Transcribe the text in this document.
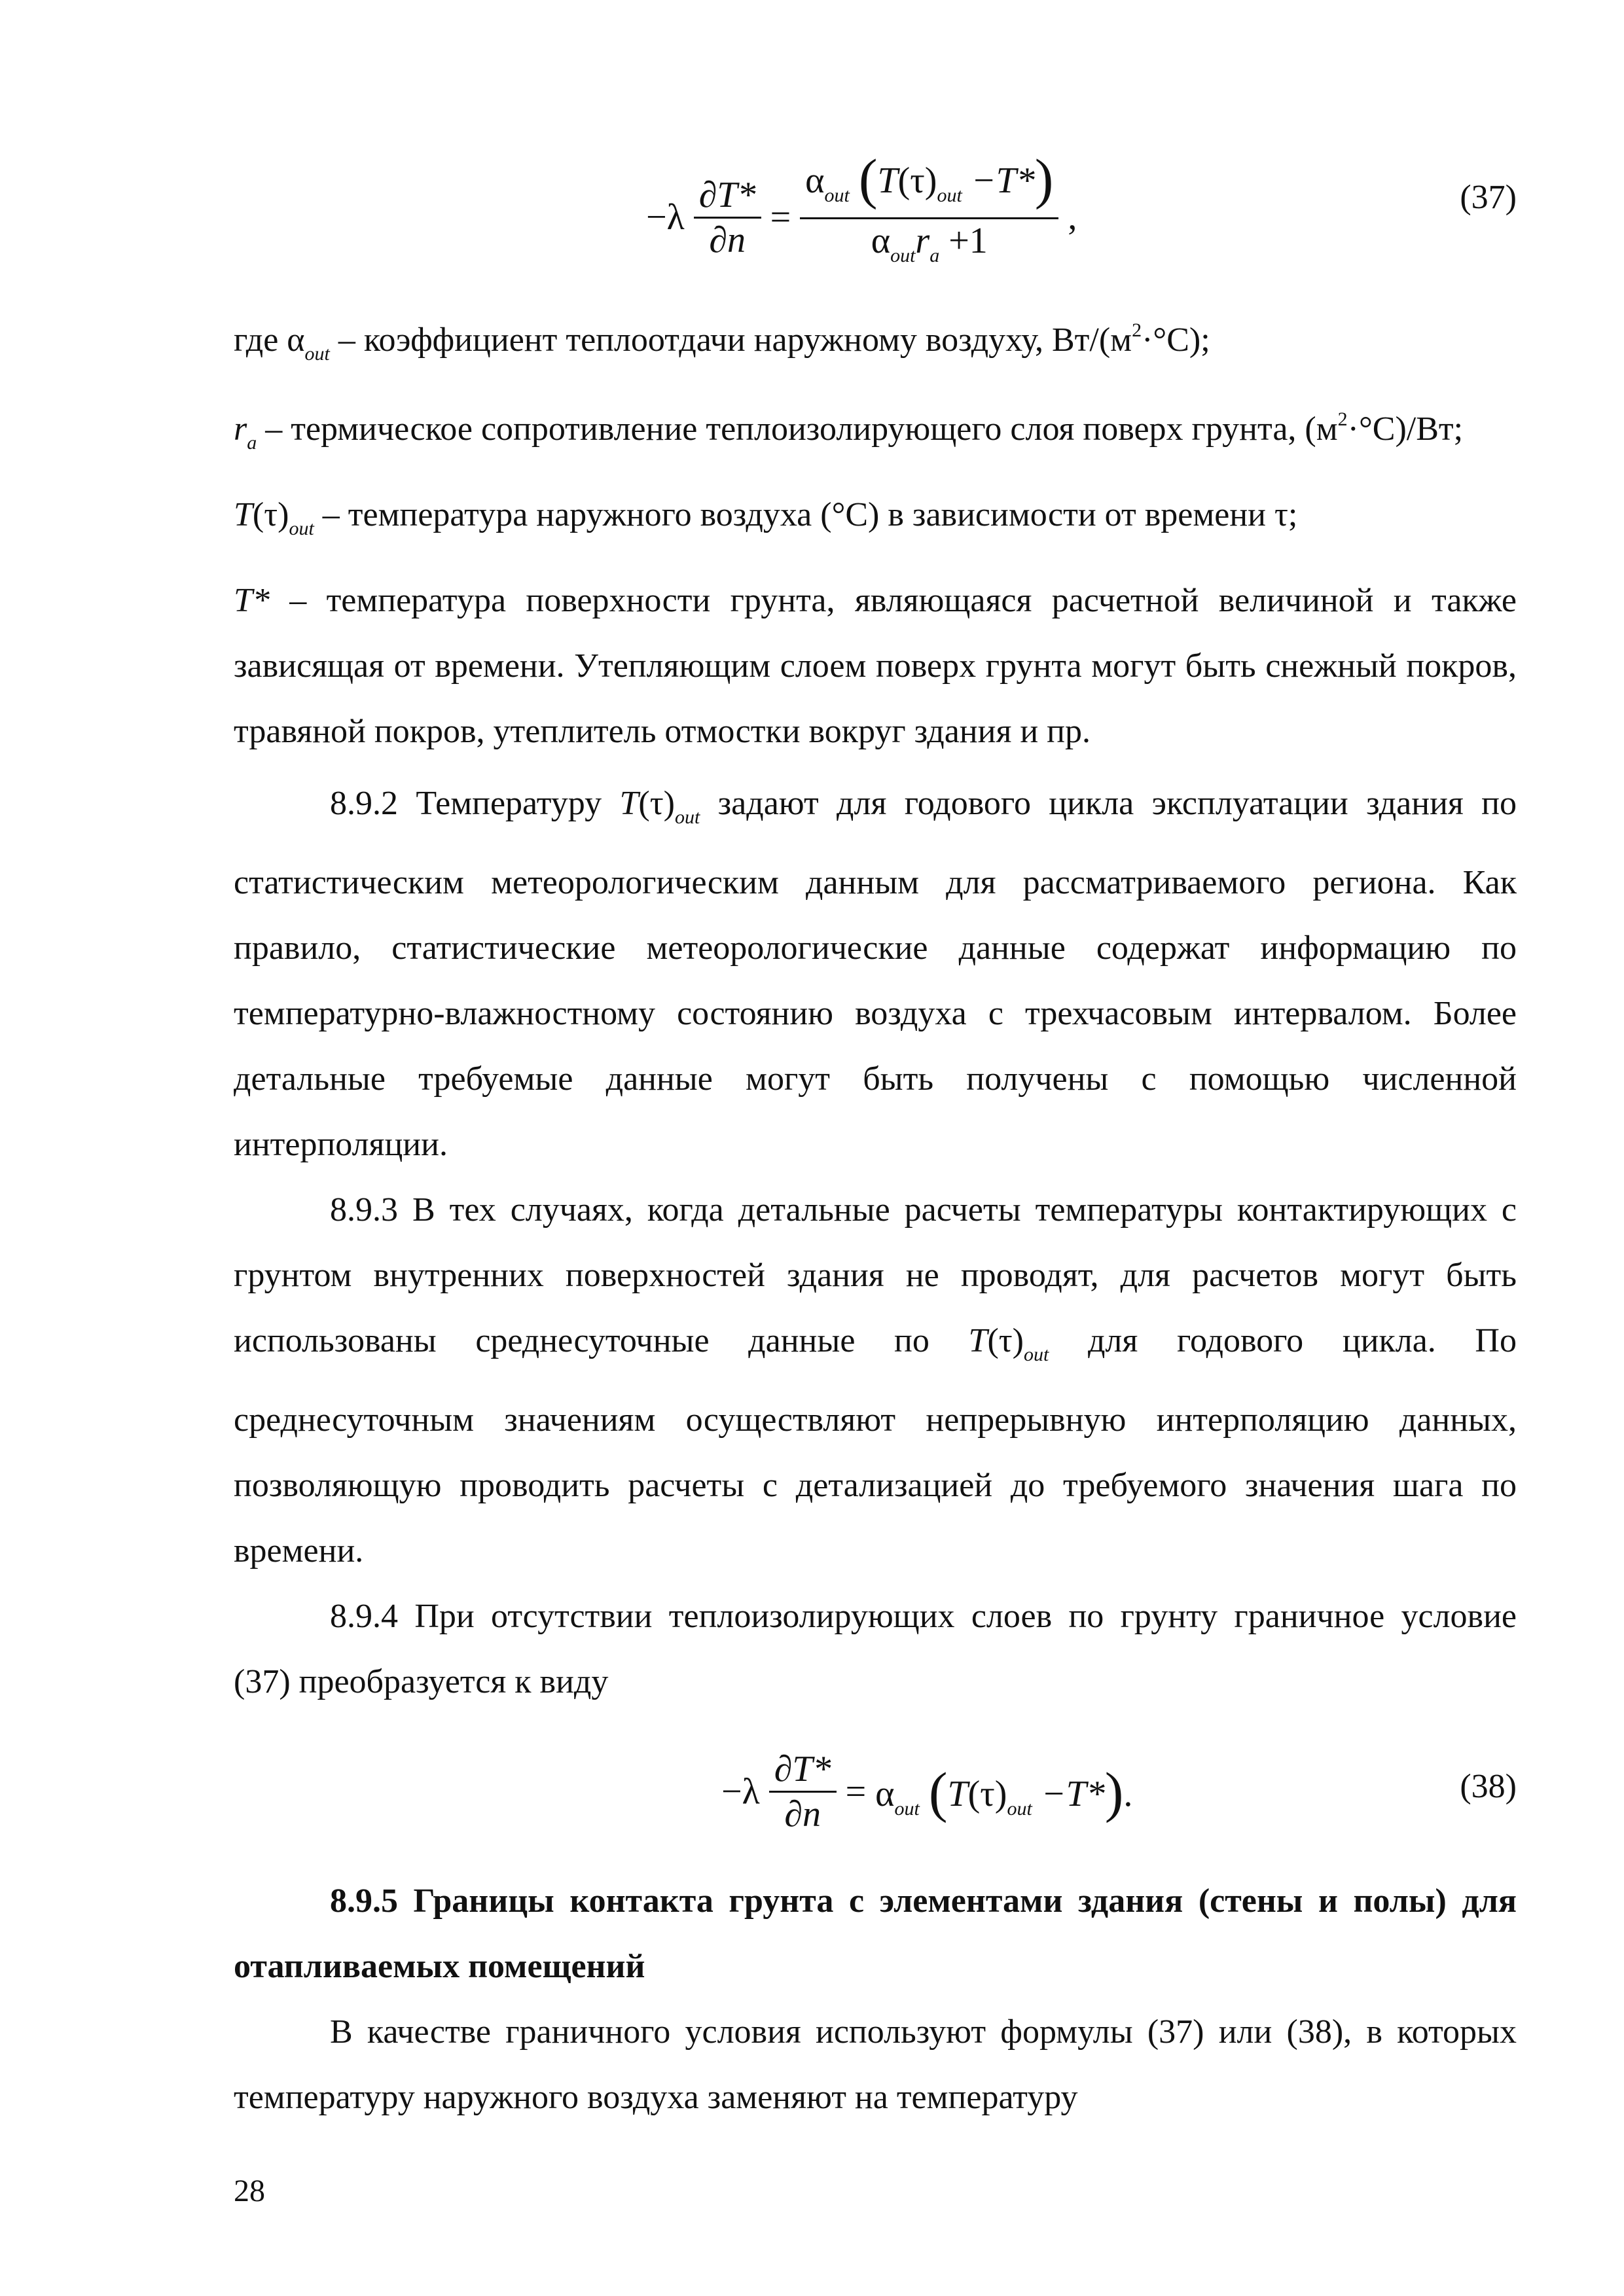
$-\lambda \frac{\partial T*}{\partial n} = \frac{\alpha_{out} (T(\tau)_{out} -T*)}{\alpha_{out}r_a +1}$ ,	(37)

где $\alpha_{out}$ – коэффициент теплоотдачи наружному воздуху, $Вт/(м^2\cdot^\circ С)$;

$r_a$ – термическое сопротивление теплоизолирующего слоя поверх грунта, $(м^2\cdot^\circ С)/Вт$;

$T(\tau)_{out}$ – температура наружного воздуха (°С) в зависимости от времени τ;

T* – температура поверхности грунта, являющаяся расчетной величиной и также зависящая от времени. Утепляющим слоем поверх грунта могут быть снежный покров, травяной покров, утеплитель отмостки вокруг здания и пр.

8.9.2 Температуру $T(\tau)_{out}$ задают для годового цикла эксплуатации здания по статистическим метеорологическим данным для рассматриваемого региона. Как правило, статистические метеорологические данные содержат информацию по температурно-влажностному состоянию воздуха с трехчасовым интервалом. Более детальные требуемые данные могут быть получены с помощью численной интерполяции.

8.9.3 В тех случаях, когда детальные расчеты температуры контактирующих с грунтом внутренних поверхностей здания не проводят, для расчетов могут быть использованы среднесуточные данные по $T(\tau)_{out}$ для годового цикла. По среднесуточным значениям осуществляют непрерывную интерполяцию данных, позволяющую проводить расчеты с детализацией до требуемого значения шага по времени.

8.9.4 При отсутствии теплоизолирующих слоев по грунту граничное условие (37) преобразуется к виду

$-\lambda \frac{\partial T*}{\partial n} = \alpha_{out}$ $(T(\tau)_{out} -T*)$.	(38)

8.9.5 Границы контакта грунта с элементами здания (стены и полы) для отапливаемых помещений

В качестве граничного условия используют формулы (37) или (38), в которых температуру наружного воздуха заменяют на температуру

28
